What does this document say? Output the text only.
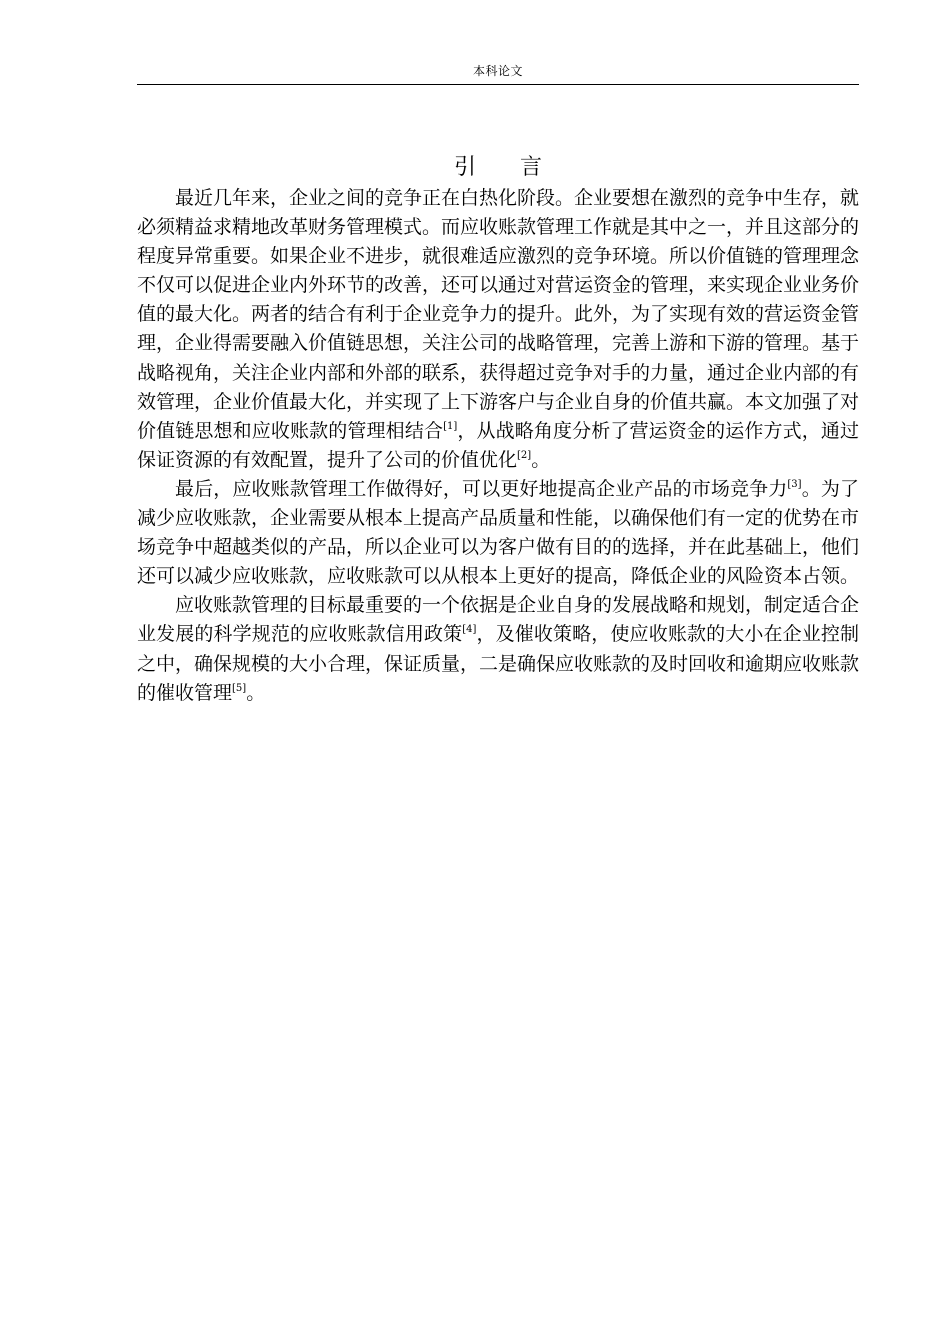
本科论文
引言

最近几年来，企业之间的竞争正在白热化阶段。企业要想在激烈的竞争中生存，就必须精益求精地改革财务管理模式。而应收账款管理工作就是其中之一，并且这部分的程度异常重要。如果企业不进步，就很难适应激烈的竞争环境。所以价值链的管理理念不仅可以促进企业内外环节的改善，还可以通过对营运资金的管理，来实现企业业务价值的最大化。两者的结合有利于企业竞争力的提升。此外，为了实现有效的营运资金管理，企业得需要融入价值链思想，关注公司的战略管理，完善上游和下游的管理。基于战略视角，关注企业内部和外部的联系，获得超过竞争对手的力量，通过企业内部的有效管理，企业价值最大化，并实现了上下游客户与企业自身的价值共赢。本文加强了对价值链思想和应收账款的管理相结合[1]，从战略角度分析了营运资金的运作方式，通过保证资源的有效配置，提升了公司的价值优化[2]。

最后，应收账款管理工作做得好，可以更好地提高企业产品的市场竞争力[3]。为了减少应收账款，企业需要从根本上提高产品质量和性能，以确保他们有一定的优势在市场竞争中超越类似的产品，所以企业可以为客户做有目的的选择，并在此基础上，他们还可以减少应收账款，应收账款可以从根本上更好的提高，降低企业的风险资本占领。

应收账款管理的目标最重要的一个依据是企业自身的发展战略和规划，制定适合企业发展的科学规范的应收账款信用政策[4]，及催收策略，使应收账款的大小在企业控制之中，确保规模的大小合理，保证质量，二是确保应收账款的及时回收和逾期应收账款的催收管理[5]。
